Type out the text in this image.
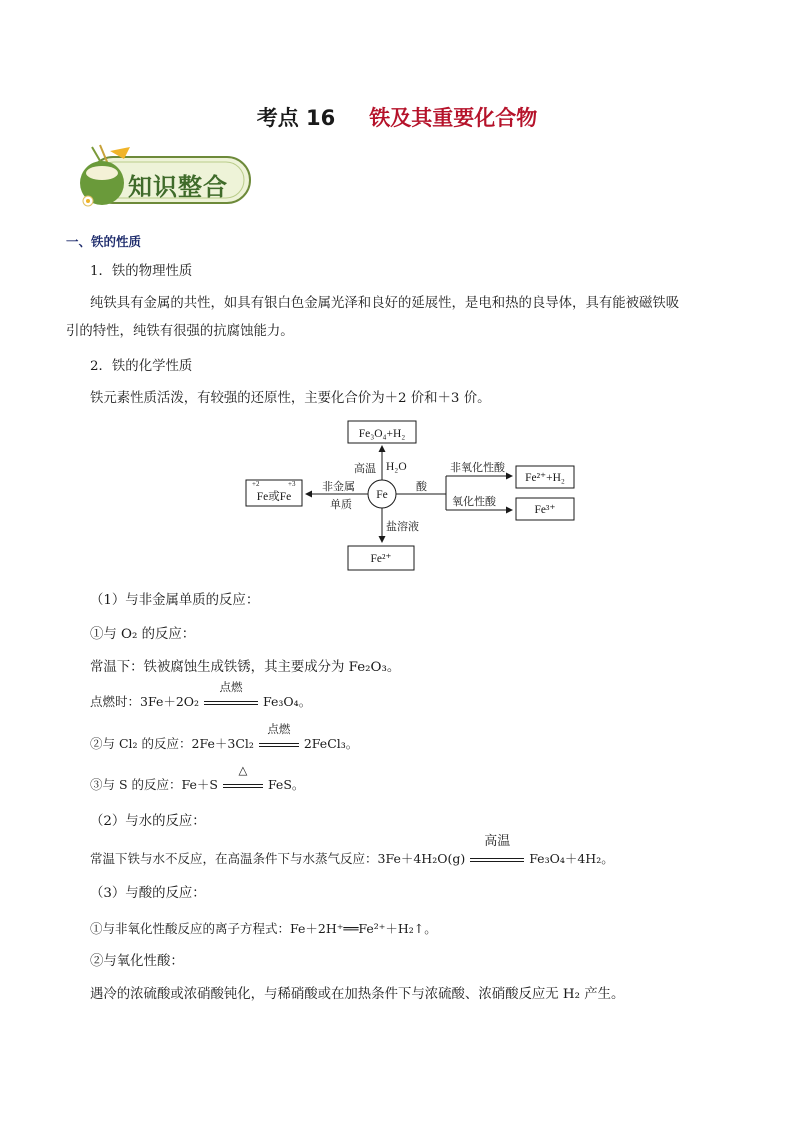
考点 16 铁及其重要化合物
知识整合
一、铁的性质
1．铁的物理性质
纯铁具有金属的共性，如具有银白色金属光泽和良好的延展性，是电和热的良导体，具有能被磁铁吸
引的特性，纯铁有很强的抗腐蚀能力。
2．铁的化学性质
铁元素性质活泼，有较强的还原性，主要化合价为＋2 价和＋3 价。
Fe₃O₄+H₂
高温 H₂O
Fe
+2	+3
Fe或Fe
非金属
单质
酸
非氧化性酸
氧化性酸
Fe²⁺+H₂
Fe³⁺
盐溶液
Fe²⁺
（1）与非金属单质的反应：
①与 O₂ 的反应：
常温下：铁被腐蚀生成铁锈，其主要成分为 Fe₂O₃。
点燃时：3Fe＋2O₂
点燃
Fe₃O₄。
②与 Cl₂ 的反应：2Fe＋3Cl₂
点燃
2FeCl₃。
③与 S 的反应：Fe＋S
△
FeS。
（2）与水的反应：
常温下铁与水不反应，在高温条件下与水蒸气反应：3Fe＋4H₂O(g)
高温
Fe₃O₄＋4H₂。
（3）与酸的反应：
①与非氧化性酸反应的离子方程式：Fe＋2H⁺══Fe²⁺＋H₂↑。
②与氧化性酸：
遇冷的浓硫酸或浓硝酸钝化，与稀硝酸或在加热条件下与浓硫酸、浓硝酸反应无 H₂ 产生。
